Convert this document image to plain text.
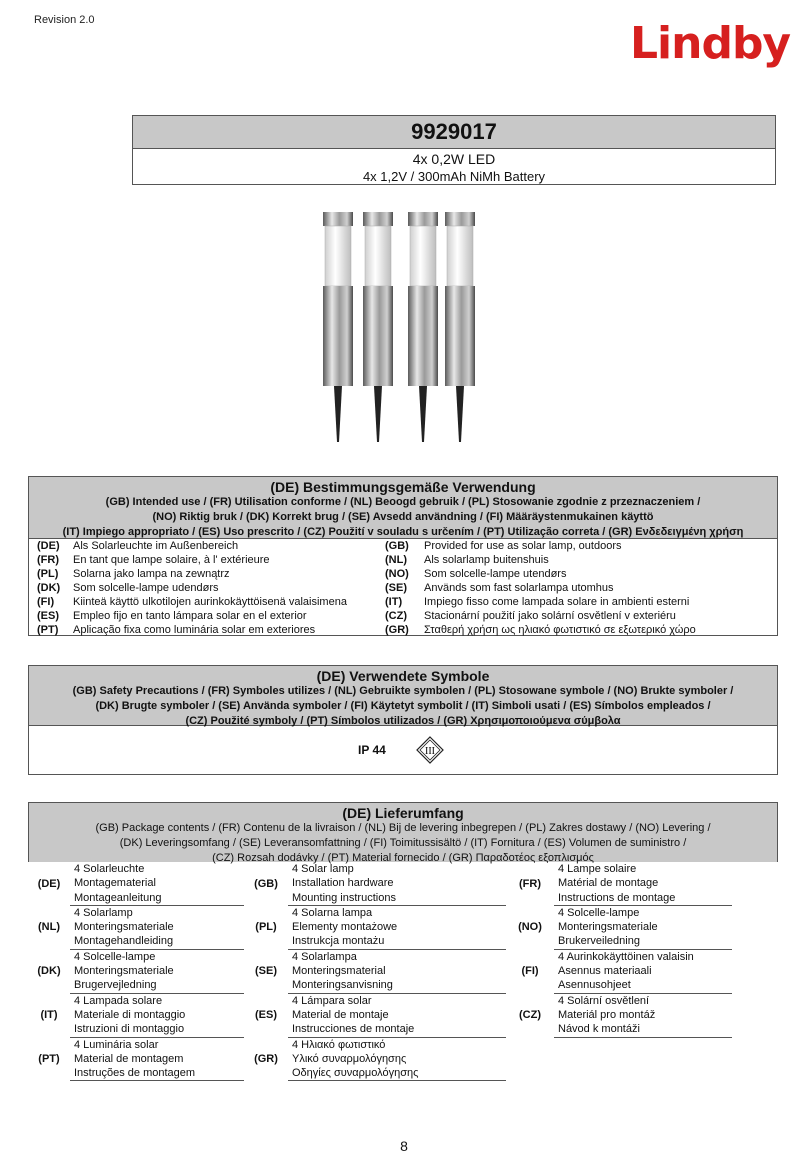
Revision 2.0	Lindby
9929017
4x 0,2W LED
4x 1,2V / 300mAh NiMh Battery
(DE) Bestimmungsgemäße Verwendung
(GB) Intended use / (FR) Utilisation conforme / (NL) Beoogd gebruik / (PL) Stosowanie zgodnie z przeznaczeniem /
(NO) Riktig bruk / (DK) Korrekt brug / (SE) Avsedd användning / (FI) Määräystenmukainen käyttö
(IT) Impiego appropriato / (ES) Uso prescrito / (CZ) Použití v souladu s určením / (PT) Utilização correta / (GR) Ενδεδειγμένη χρήση
(DE) Als Solarleuchte im Außenbereich	(GB) Provided for use as solar lamp, outdoors
(FR) En tant que lampe solaire, à l' extérieure	(NL) Als solarlamp buitenshuis
(PL) Solarna jako lampa na zewnątrz	(NO) Som solcelle-lampe utendørs
(DK) Som solcelle-lampe udendørs	(SE) Används som fast solarlampa utomhus
(FI) Kiinteä käyttö ulkotilojen aurinkokäyttöisenä valaisimena	(IT) Impiego fisso come lampada solare in ambienti esterni
(ES) Empleo fijo en tanto lámpara solar en el exterior	(CZ) Stacionární použití jako solární osvětlení v exteriéru
(PT) Aplicação fixa como luminária solar em exteriores	(GR) Σταθερή χρήση ως ηλιακό φωτιστικό σε εξωτερικό χώρο
(DE) Verwendete Symbole
(GB) Safety Precautions / (FR) Symboles utilizes / (NL) Gebruikte symbolen / (PL) Stosowane symbole / (NO) Brukte symboler /
(DK) Brugte symboler / (SE) Använda symboler / (FI) Käytetyt symbolit / (IT) Simboli usati / (ES) Símbolos empleados /
(CZ) Použité symboly / (PT) Símbolos utilizados / (GR) Χρησιμοποιούμενα σύμβολα
IP 44	III
(DE) Lieferumfang
(GB) Package contents / (FR) Contenu de la livraison / (NL) Bij de levering inbegrepen / (PL) Zakres dostawy / (NO) Levering /
(DK) Leveringsomfang / (SE) Leveransomfattning / (FI) Toimitussisältö / (IT) Fornitura / (ES) Volumen de suministro /
(CZ) Rozsah dodávky / (PT) Material fornecido / (GR) Παραδοτέος εξοπλισμός
(DE)	4 Solarleuchte	(GB)	4 Solar lamp	(FR)	4 Lampe solaire
	Montagematerial		Installation hardware		Matérial de montage
	Montageanleitung		Mounting instructions		Instructions de montage
(NL)	4 Solarlamp	(PL)	4 Solarna lampa	(NO)	4 Solcelle-lampe
	Monteringsmateriale		Elementy montażowe		Monteringsmateriale
	Montagehandleiding		Instrukcja montażu		Brukerveiledning
(DK)	4 Solcelle-lampe	(SE)	4 Solarlampa	(FI)	4 Aurinkokäyttöinen valaisin
	Monteringsmateriale		Monteringsmaterial		Asennus materiaali
	Brugervejledning		Monteringsanvisning		Asennusohjeet
(IT)	4 Lampada solare	(ES)	4 Lámpara solar	(CZ)	4 Solární osvětlení
	Materiale di montaggio		Material de montaje		Materiál pro montáž
	Istruzioni di montaggio		Instrucciones de montaje		Návod k montáži
(PT)	4 Luminária solar	(GR)	4 Ηλιακό φωτιστικό		
	Material de montagem		Υλικό συναρμολόγησης		
	Instruções de montagem		Οδηγίες συναρμολόγησης		
8
